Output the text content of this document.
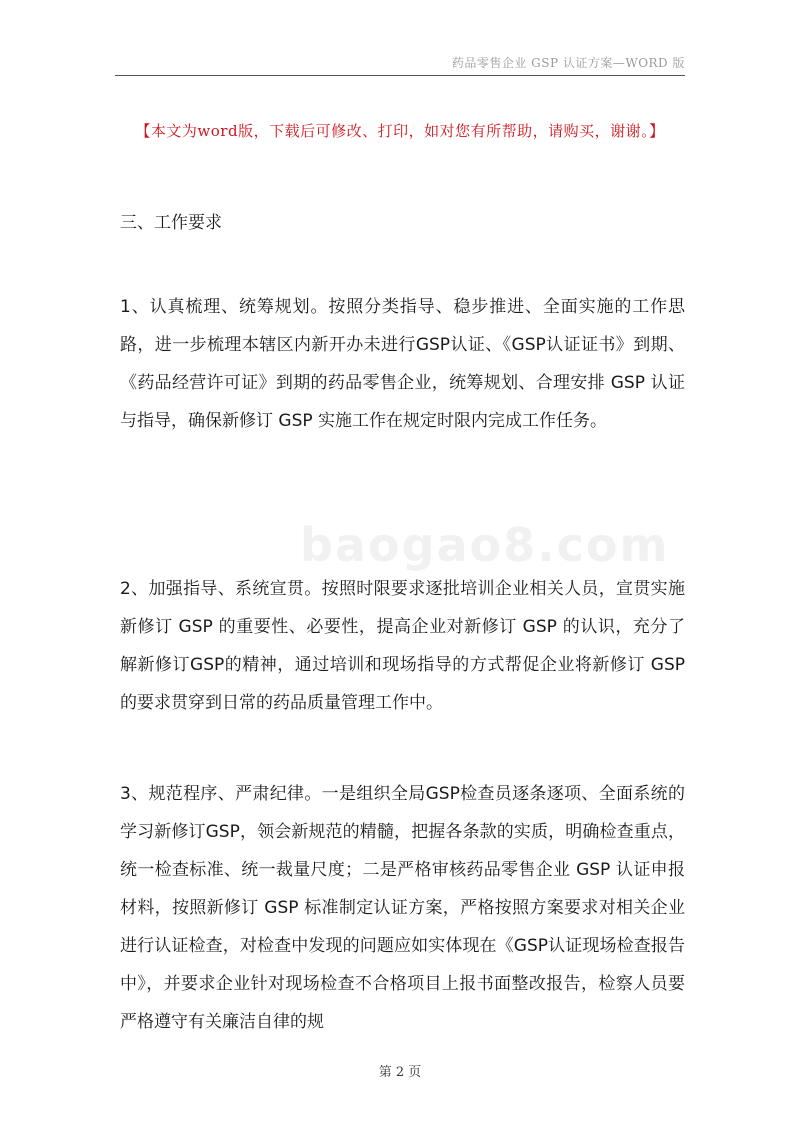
药品零售企业 GSP 认证方案—WORD 版
【本文为word版，下载后可修改、打印，如对您有所帮助，请购买，谢谢。】
baogao8.com

三、工作要求

1、认真梳理、统筹规划。按照分类指导、稳步推进、全面实施的工作思路，进一步梳理本辖区内新开办未进行GSP认证、《GSP认证证书》到期、《药品经营许可证》到期的药品零售企业，统筹规划、合理安排 GSP 认证与指导，确保新修订 GSP 实施工作在规定时限内完成工作任务。

2、加强指导、系统宣贯。按照时限要求逐批培训企业相关人员，宣贯实施新修订 GSP 的重要性、必要性，提高企业对新修订 GSP 的认识，充分了解新修订GSP的精神，通过培训和现场指导的方式帮促企业将新修订 GSP 的要求贯穿到日常的药品质量管理工作中。

3、规范程序、严肃纪律。一是组织全局GSP检查员逐条逐项、全面系统的学习新修订GSP，领会新规范的精髓，把握各条款的实质，明确检查重点，统一检查标准、统一裁量尺度；二是严格审核药品零售企业 GSP 认证申报材料，按照新修订 GSP 标准制定认证方案，严格按照方案要求对相关企业进行认证检查，对检查中发现的问题应如实体现在《GSP认证现场检查报告中》，并要求企业针对现场检查不合格项目上报书面整改报告，检察人员要严格遵守有关廉洁自律的规

第 2 页
